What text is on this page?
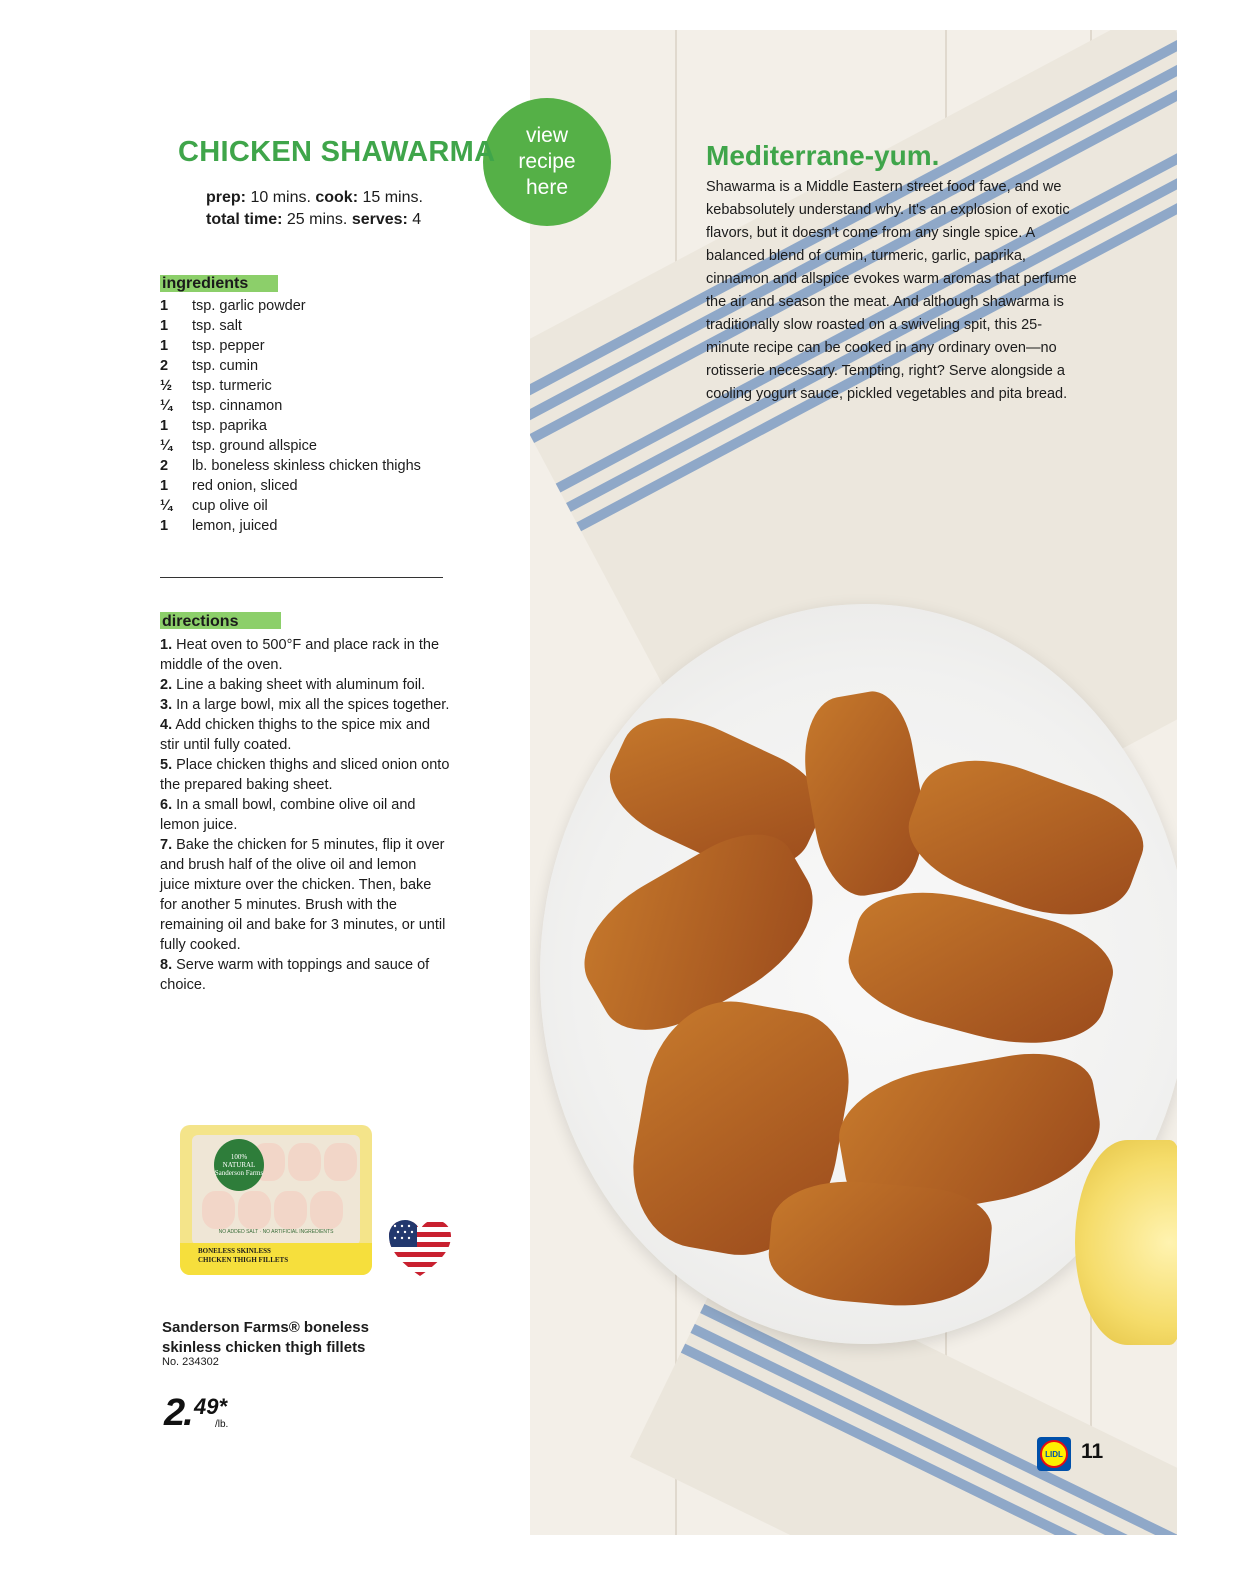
view
recipe
here
CHICKEN SHAWARMA
prep: 10 mins. cook: 15 mins.
total time: 25 mins. serves: 4
ingredients
1	tsp. garlic powder
1	tsp. salt
1	tsp. pepper
2	tsp. cumin
½	tsp. turmeric
¼	tsp. cinnamon
1	tsp. paprika
¼	tsp. ground allspice
2	lb. boneless skinless chicken thighs
1	red onion, sliced
¼	cup olive oil
1	lemon, juiced
directions

1. Heat oven to 500°F and place rack in the middle of the oven.

2. Line a baking sheet with aluminum foil.

3. In a large bowl, mix all the spices together.

4. Add chicken thighs to the spice mix and stir until fully coated.

5. Place chicken thighs and sliced onion onto the prepared baking sheet.

6. In a small bowl, combine olive oil and lemon juice.

7. Bake the chicken for 5 minutes, flip it over and brush half of the olive oil and lemon juice mixture over the chicken. Then, bake for another 5 minutes. Brush with the remaining oil and bake for 3 minutes, or until fully cooked.

8. Serve warm with toppings and sauce of choice.

100% NATURAL Sanderson Farms
NO ADDED SALT · NO ARTIFICIAL INGREDIENTS
BONELESS SKINLESS
CHICKEN THIGH FILLETS
Sanderson Farms® boneless skinless chicken thigh fillets
No. 234302
2. 49*
/lb.
Mediterrane-yum.
Shawarma is a Middle Eastern street food fave, and we kebabsolutely understand why. It's an explosion of exotic flavors, but it doesn't come from any single spice. A balanced blend of cumin, turmeric, garlic, paprika, cinnamon and allspice evokes warm aromas that perfume the air and season the meat. And although shawarma is traditionally slow roasted on a swiveling spit, this 25-minute recipe can be cooked in any ordinary oven—no rotisserie necessary. Tempting, right? Serve alongside a cooling yogurt sauce, pickled vegetables and pita bread.
LIDL 11
